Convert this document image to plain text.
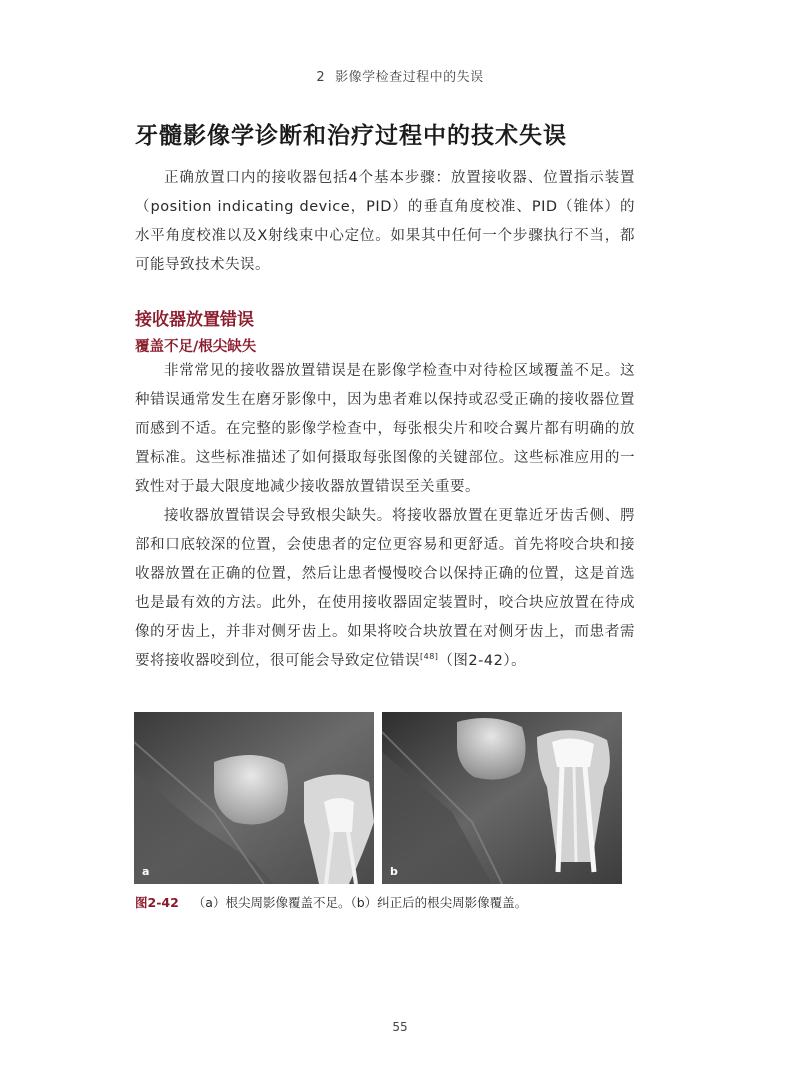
2 影像学检查过程中的失误
牙髓影像学诊断和治疗过程中的技术失误

正确放置口内的接收器包括4个基本步骤：放置接收器、位置指示装置（position indicating device，PID）的垂直角度校准、PID（锥体）的水平角度校准以及X射线束中心定位。如果其中任何一个步骤执行不当，都可能导致技术失误。

接收器放置错误
覆盖不足/根尖缺失

非常常见的接收器放置错误是在影像学检查中对待检区域覆盖不足。这种错误通常发生在磨牙影像中，因为患者难以保持或忍受正确的接收器位置而感到不适。在完整的影像学检查中，每张根尖片和咬合翼片都有明确的放置标准。这些标准描述了如何摄取每张图像的关键部位。这些标准应用的一致性对于最大限度地减少接收器放置错误至关重要。

接收器放置错误会导致根尖缺失。将接收器放置在更靠近牙齿舌侧、腭部和口底较深的位置，会使患者的定位更容易和更舒适。首先将咬合块和接收器放置在正确的位置，然后让患者慢慢咬合以保持正确的位置，这是首选也是最有效的方法。此外，在使用接收器固定装置时，咬合块应放置在待成像的牙齿上，并非对侧牙齿上。如果将咬合块放置在对侧牙齿上，而患者需要将接收器咬到位，很可能会导致定位错误[48]（图2-42）。

a	b
图2-42 （a）根尖周影像覆盖不足。（b）纠正后的根尖周影像覆盖。
55
